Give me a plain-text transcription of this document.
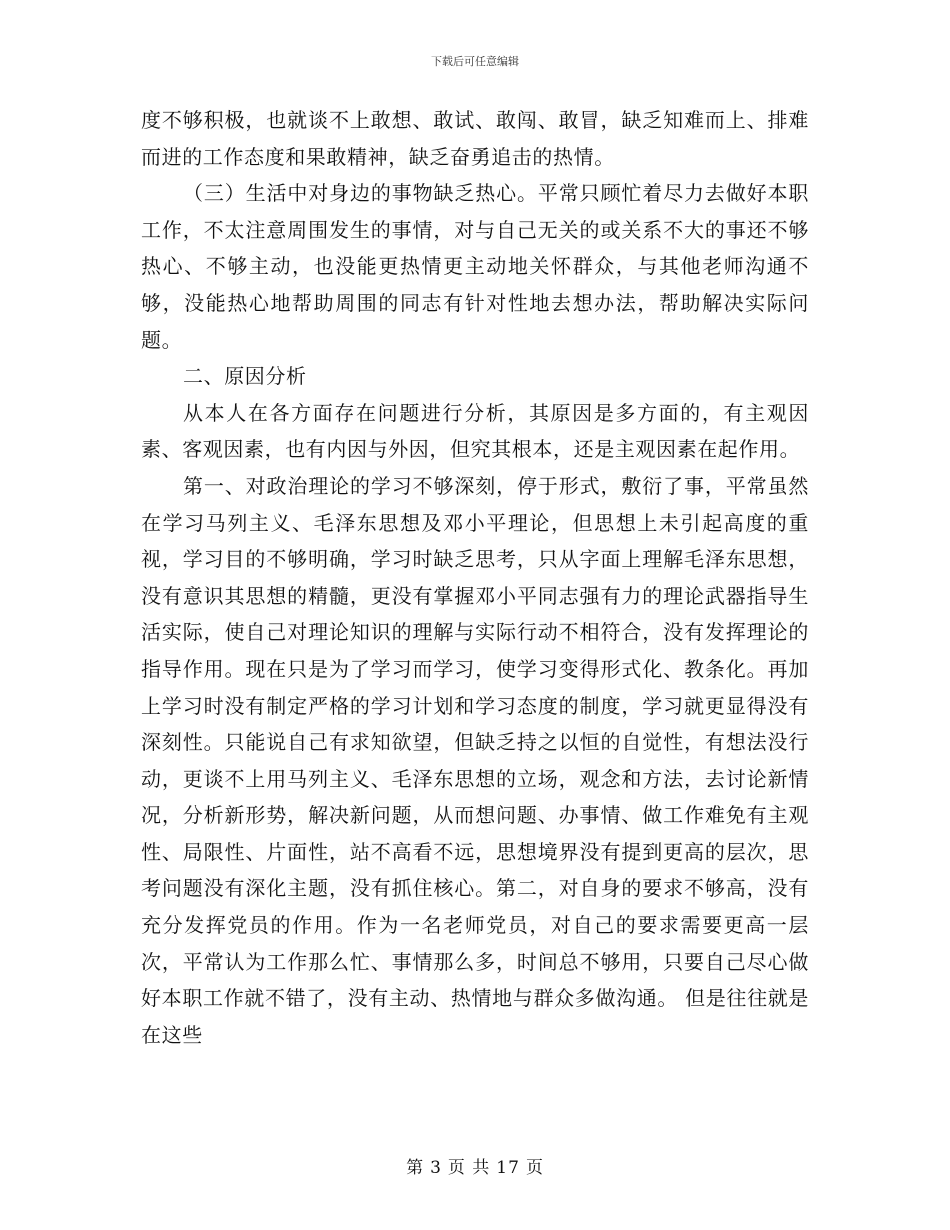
下载后可任意编辑

度不够积极，也就谈不上敢想、敢试、敢闯、敢冒，缺乏知难而上、排难而进的工作态度和果敢精神，缺乏奋勇追击的热情。

（三）生活中对身边的事物缺乏热心。平常只顾忙着尽力去做好本职工作，不太注意周围发生的事情，对与自己无关的或关系不大的事还不够热心、不够主动，也没能更热情更主动地关怀群众，与其他老师沟通不够，没能热心地帮助周围的同志有针对性地去想办法，帮助解决实际问题。

二、原因分析

从本人在各方面存在问题进行分析，其原因是多方面的，有主观因素、客观因素，也有内因与外因，但究其根本，还是主观因素在起作用。

第一、对政治理论的学习不够深刻，停于形式，敷衍了事，平常虽然在学习马列主义、毛泽东思想及邓小平理论，但思想上未引起高度的重视，学习目的不够明确，学习时缺乏思考，只从字面上理解毛泽东思想，没有意识其思想的精髓，更没有掌握邓小平同志强有力的理论武器指导生活实际，使自己对理论知识的理解与实际行动不相符合，没有发挥理论的指导作用。现在只是为了学习而学习，使学习变得形式化、教条化。再加上学习时没有制定严格的学习计划和学习态度的制度，学习就更显得没有深刻性。只能说自己有求知欲望，但缺乏持之以恒的自觉性，有想法没行动，更谈不上用马列主义、毛泽东思想的立场，观念和方法，去讨论新情况，分析新形势，解决新问题，从而想问题、办事情、做工作难免有主观性、局限性、片面性，站不高看不远，思想境界没有提到更高的层次，思考问题没有深化主题，没有抓住核心。第二，对自身的要求不够高，没有充分发挥党员的作用。作为一名老师党员，对自己的要求需要更高一层次，平常认为工作那么忙、事情那么多，时间总不够用，只要自己尽心做好本职工作就不错了，没有主动、热情地与群众多做沟通。 但是往往就是在这些

第 3 页 共 17 页
